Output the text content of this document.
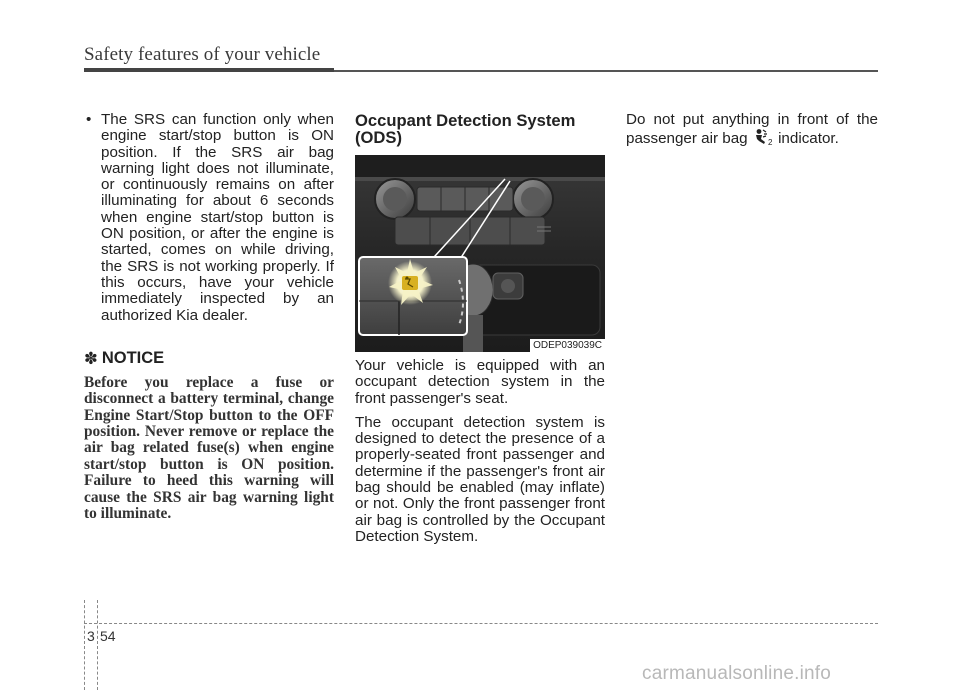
Safety features of your vehicle
• The SRS can function only when engine start/stop button is ON position. If the SRS air bag warning light does not illuminate, or continuously remains on after illuminating for about 6 seconds when engine start/stop button is ON position, or after the engine is started, comes on while driving, the SRS is not working properly. If this occurs, have your vehicle immediately inspected by an authorized Kia dealer.
✽ NOTICE
Before you replace a fuse or disconnect a battery terminal, change Engine Start/Stop button to the OFF position. Never remove or replace the air bag related fuse(s) when engine start/stop button is ON position. Failure to heed this warning will cause the SRS air bag warning light to illuminate.
Occupant Detection System (ODS)
ODEP039039C

Your vehicle is equipped with an occupant detection system in the front passenger's seat.

The occupant detection system is designed to detect the presence of a properly-seated front passenger and determine if the passenger's front air bag should be enabled (may inflate) or not. Only the front passenger front air bag is controlled by the Occupant Detection System.

Do not put anything in front of the passenger air bag	2 indicator.

3 54
carmanualsonline.info
